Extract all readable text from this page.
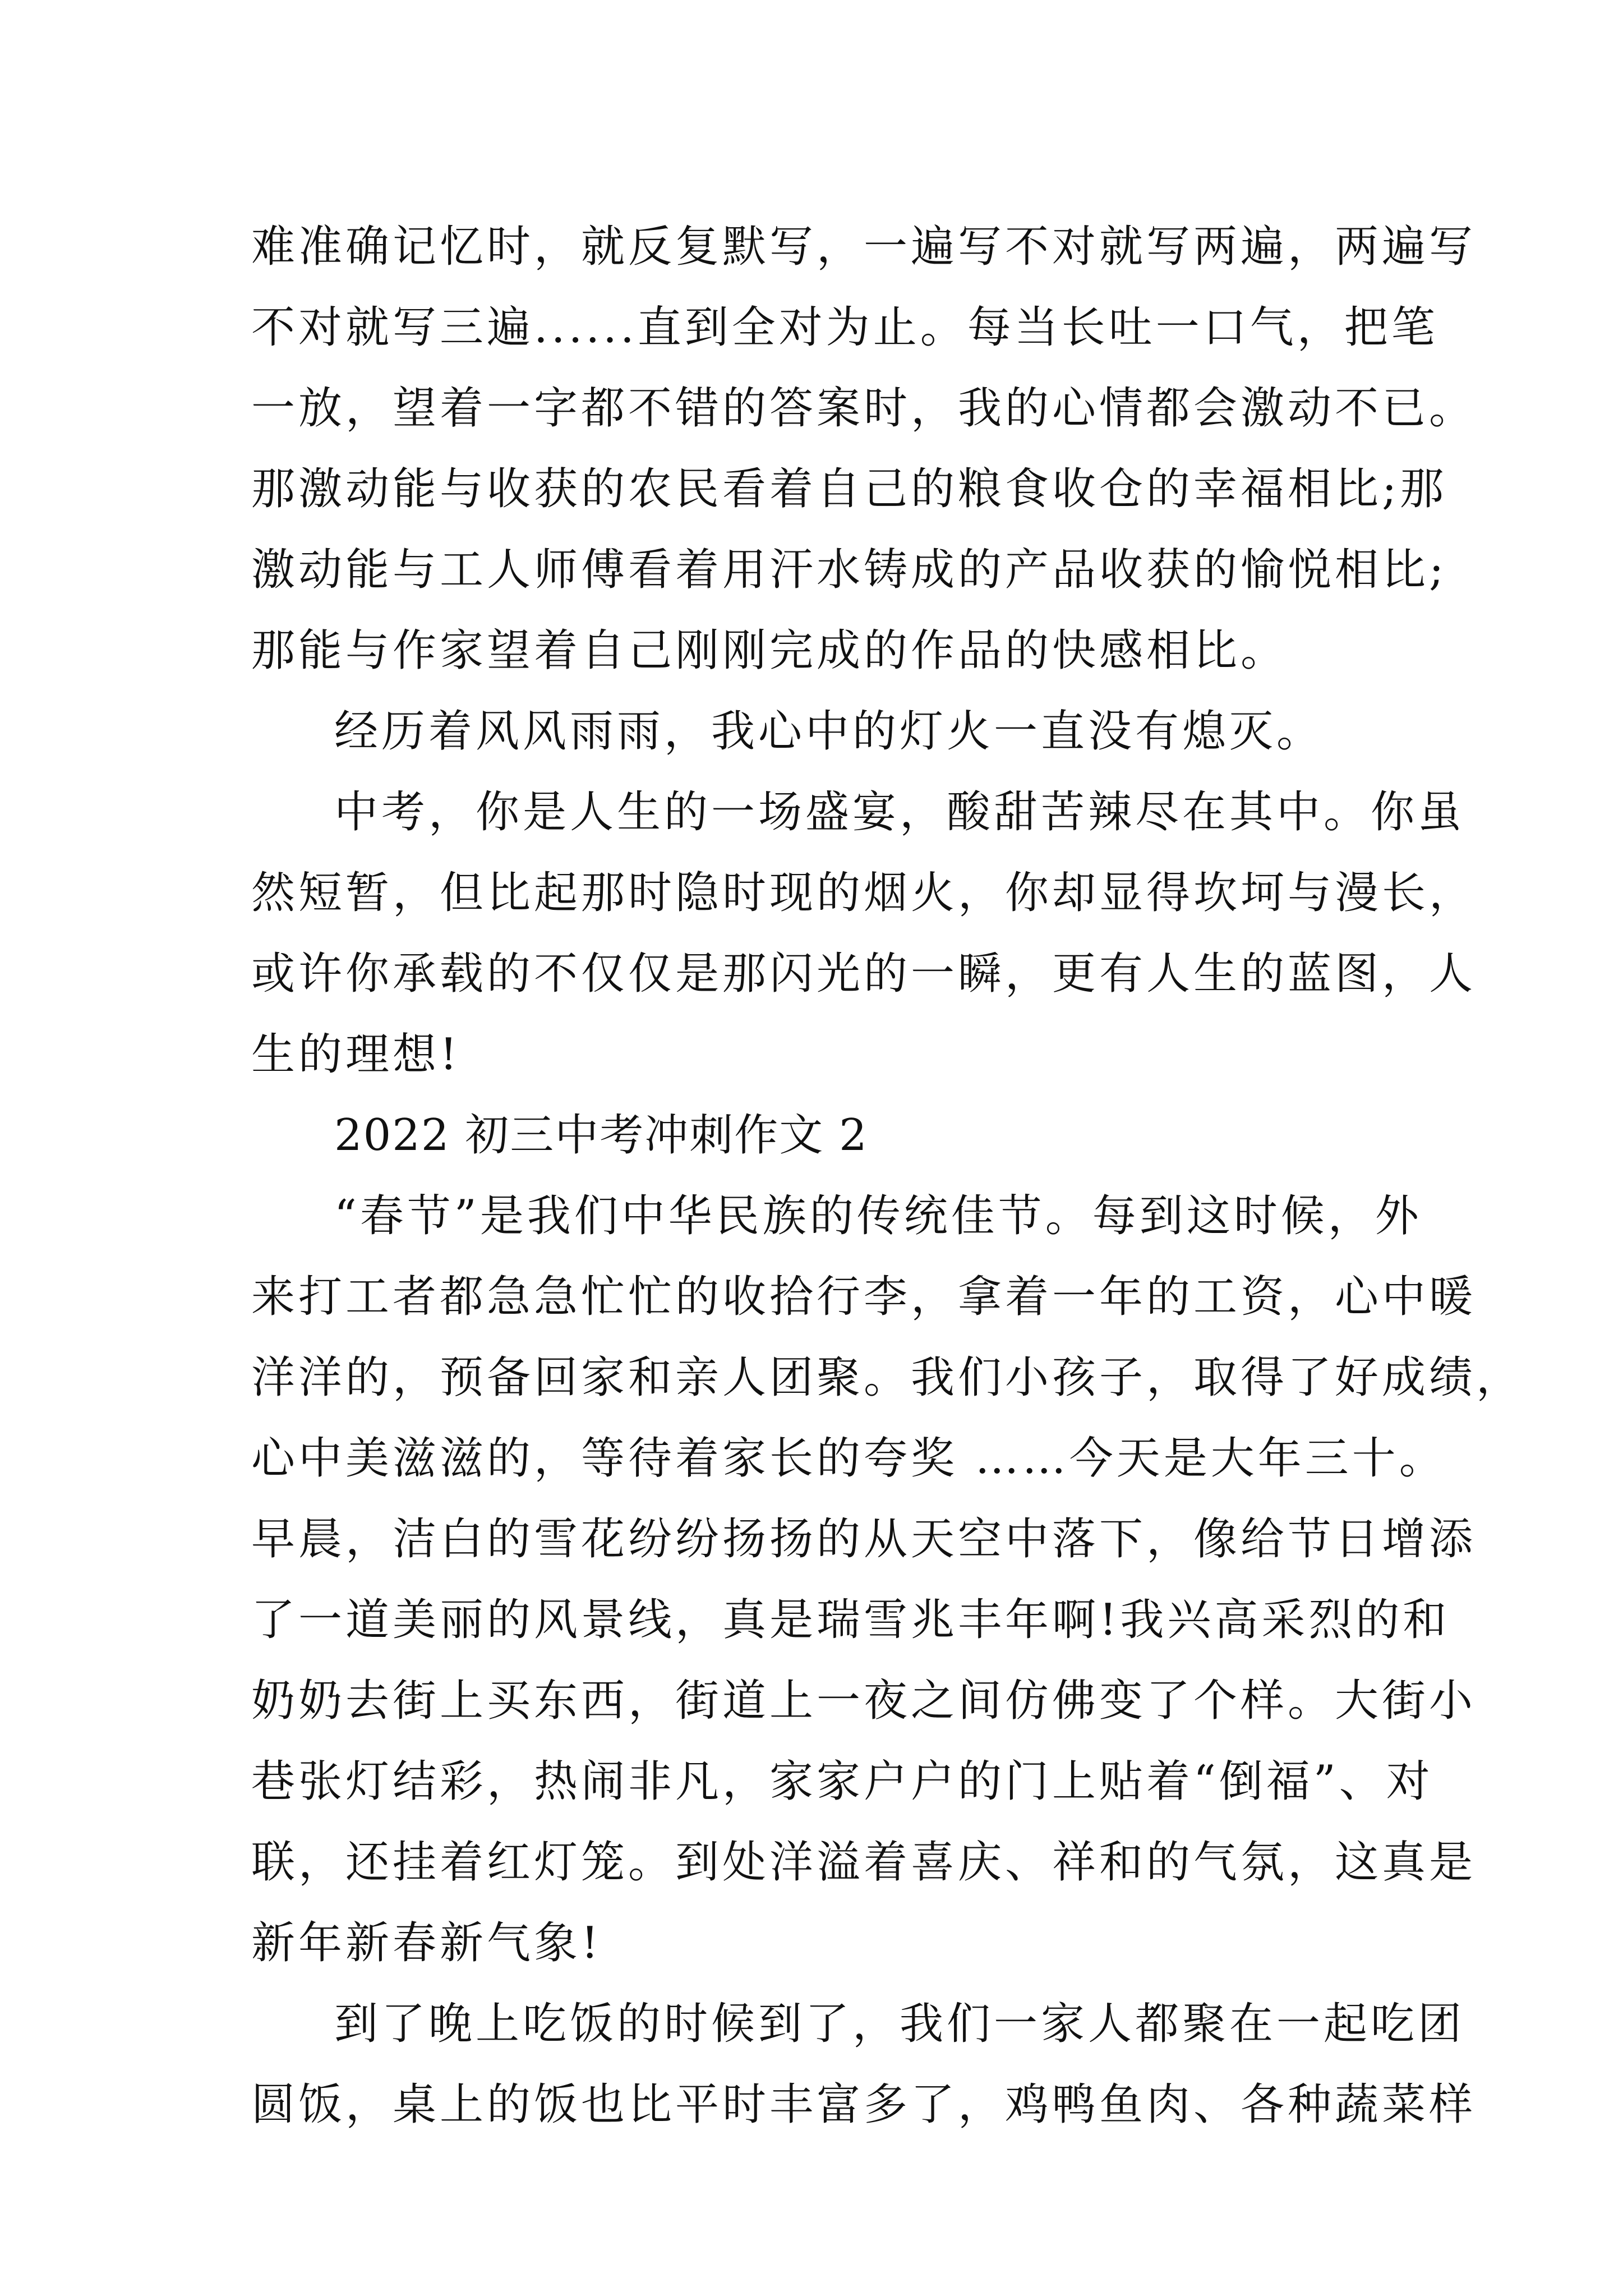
难准确记忆时，就反复默写，一遍写不对就写两遍，两遍写
不对就写三遍......直到全对为止。每当长吐一口气，把笔
一放，望着一字都不错的答案时，我的心情都会激动不已。
那激动能与收获的农民看着自己的粮食收仓的幸福相比;那
激动能与工人师傅看着用汗水铸成的产品收获的愉悦相比;
那能与作家望着自己刚刚完成的作品的快感相比。
经历着风风雨雨，我心中的灯火一直没有熄灭。
中考，你是人生的一场盛宴，酸甜苦辣尽在其中。你虽
然短暂，但比起那时隐时现的烟火，你却显得坎坷与漫长，
或许你承载的不仅仅是那闪光的一瞬，更有人生的蓝图，人
生的理想!
2022 初三中考冲刺作文 2
“春节”是我们中华民族的传统佳节。每到这时候，外
来打工者都急急忙忙的收拾行李，拿着一年的工资，心中暖
洋洋的，预备回家和亲人团聚。我们小孩子，取得了好成绩，
心中美滋滋的，等待着家长的夸奖 ……今天是大年三十。
早晨，洁白的雪花纷纷扬扬的从天空中落下，像给节日增添
了一道美丽的风景线，真是瑞雪兆丰年啊!我兴高采烈的和
奶奶去街上买东西，街道上一夜之间仿佛变了个样。大街小
巷张灯结彩，热闹非凡，家家户户的门上贴着“倒福”、对
联，还挂着红灯笼。到处洋溢着喜庆、祥和的气氛，这真是
新年新春新气象!
到了晚上吃饭的时候到了，我们一家人都聚在一起吃团
圆饭，桌上的饭也比平时丰富多了，鸡鸭鱼肉、各种蔬菜样
